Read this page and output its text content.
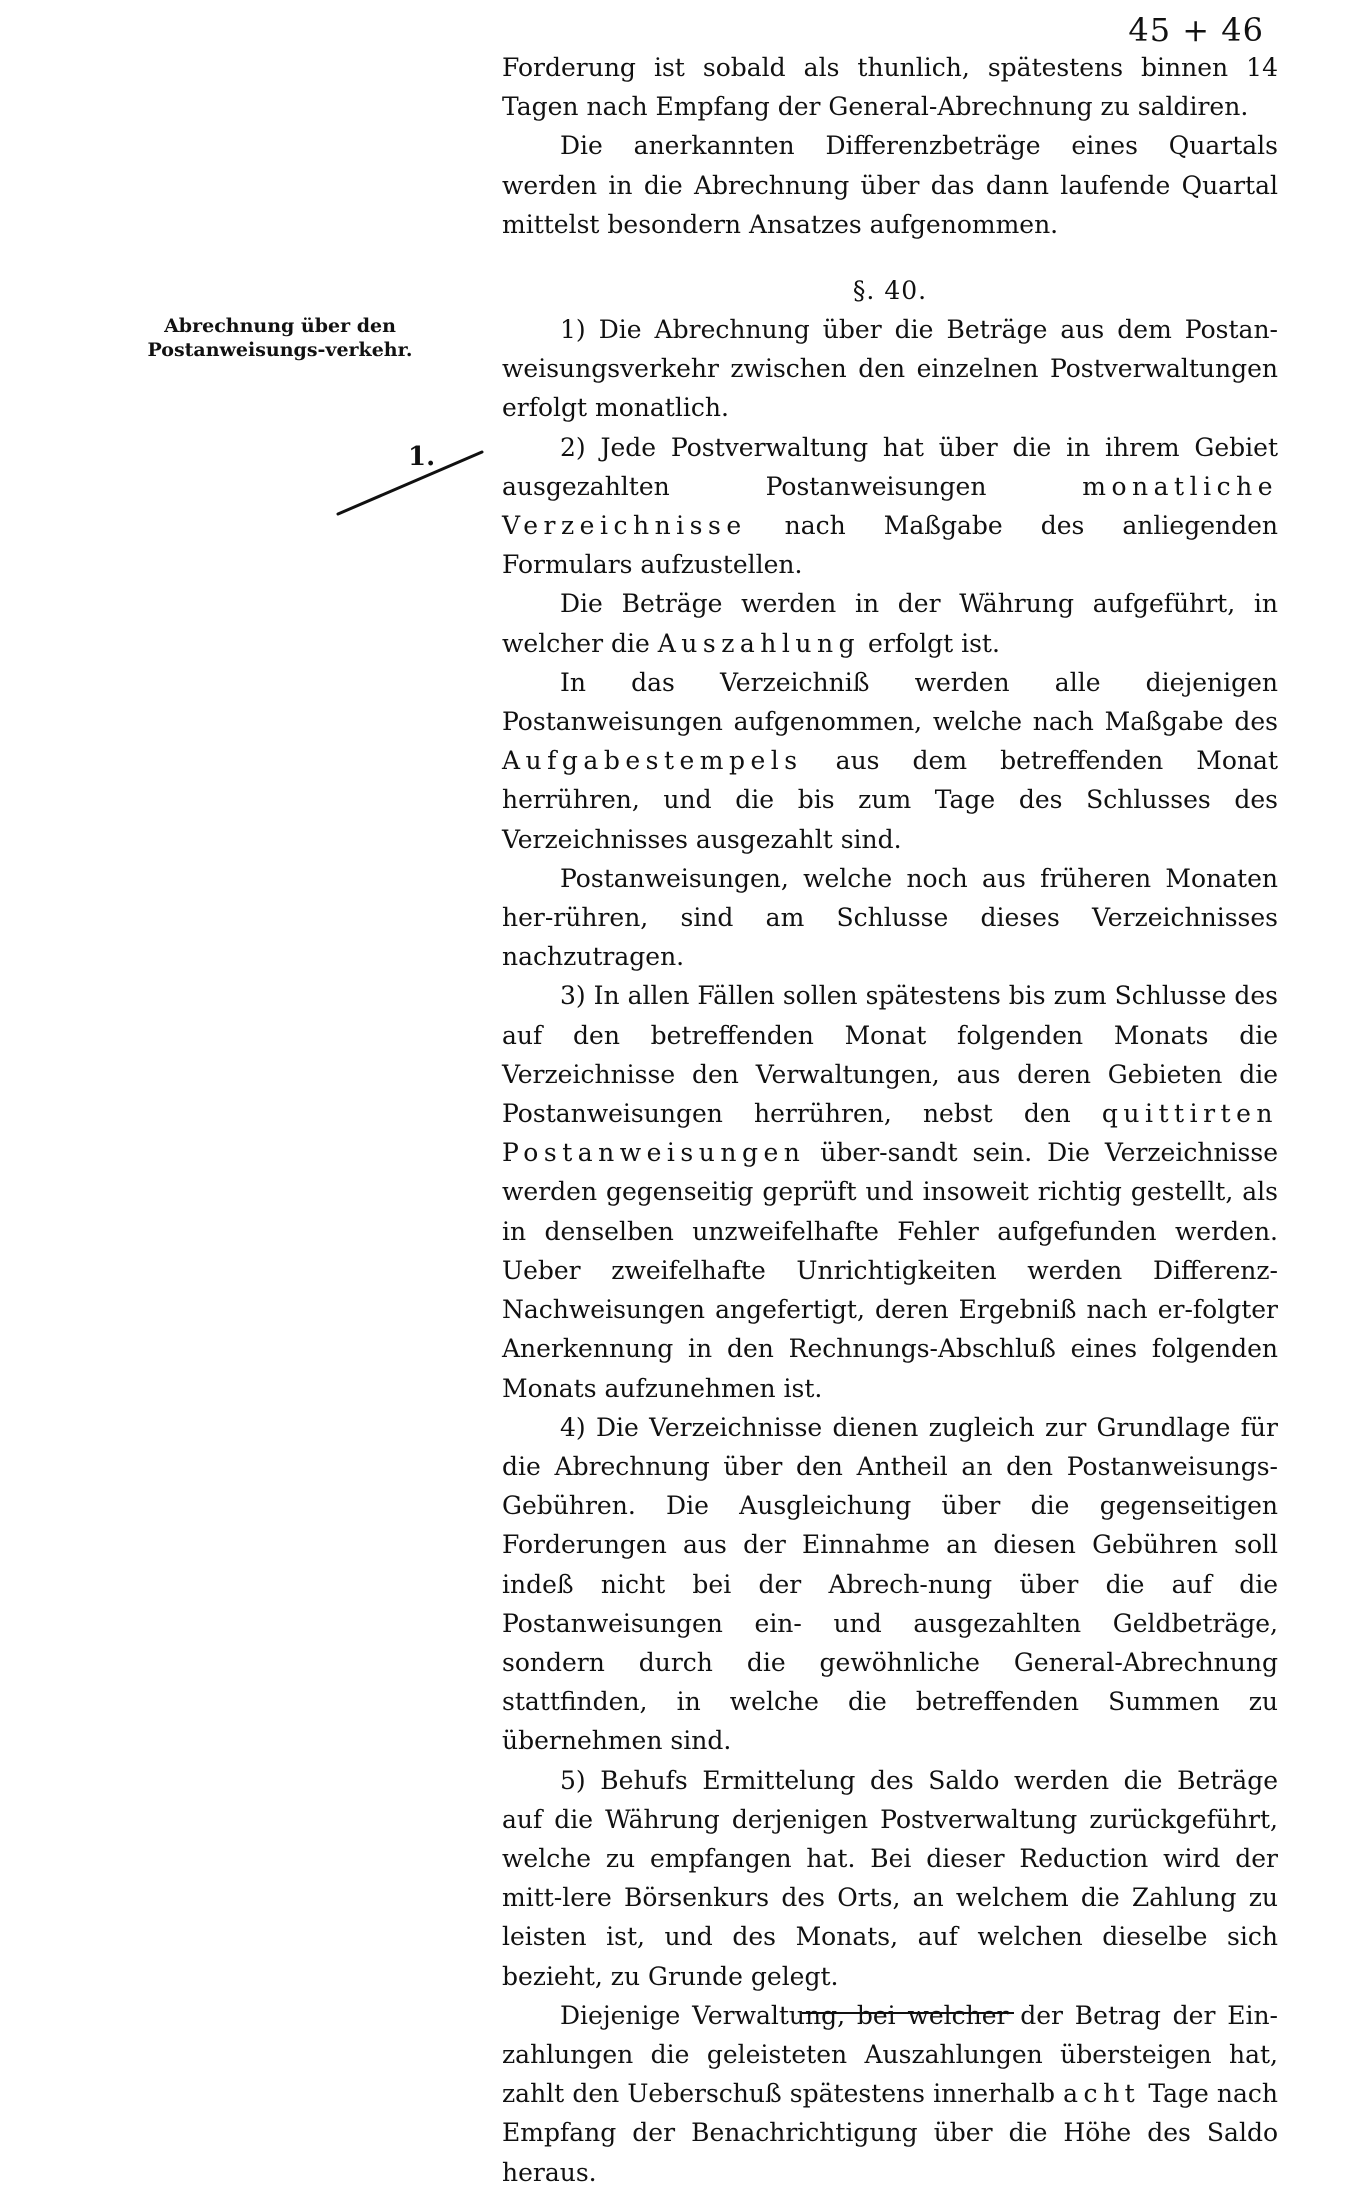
45 + 46
Abrechnung über den Postanweisungs-verkehr.
1.

Forderung ist sobald als thunlich, spätestens binnen 14 Tagen nach Empfang der General-Abrechnung zu saldiren.

Die anerkannten Differenzbeträge eines Quartals werden in die Abrechnung über das dann laufende Quartal mittelst besondern Ansatzes aufgenommen.

§. 40.

1) Die Abrechnung über die Beträge aus dem Postan-weisungsverkehr zwischen den einzelnen Postverwaltungen erfolgt monatlich.

2) Jede Postverwaltung hat über die in ihrem Gebiet ausgezahlten Postanweisungen monatliche Verzeichnisse nach Maßgabe des anliegenden Formulars aufzustellen.

Die Beträge werden in der Währung aufgeführt, in welcher die Auszahlung erfolgt ist.

In das Verzeichniß werden alle diejenigen Postanweisungen aufgenommen, welche nach Maßgabe des Aufgabestempels aus dem betreffenden Monat herrühren, und die bis zum Tage des Schlusses des Verzeichnisses ausgezahlt sind.

Postanweisungen, welche noch aus früheren Monaten her-rühren, sind am Schlusse dieses Verzeichnisses nachzutragen.

3) In allen Fällen sollen spätestens bis zum Schlusse des auf den betreffenden Monat folgenden Monats die Verzeichnisse den Verwaltungen, aus deren Gebieten die Postanweisungen herrühren, nebst den quittirten Postanweisungen über-sandt sein. Die Verzeichnisse werden gegenseitig geprüft und insoweit richtig gestellt, als in denselben unzweifelhafte Fehler aufgefunden werden. Ueber zweifelhafte Unrichtigkeiten werden Differenz-Nachweisungen angefertigt, deren Ergebniß nach er-folgter Anerkennung in den Rechnungs-Abschluß eines folgenden Monats aufzunehmen ist.

4) Die Verzeichnisse dienen zugleich zur Grundlage für die Abrechnung über den Antheil an den Postanweisungs-Gebühren. Die Ausgleichung über die gegenseitigen Forderungen aus der Einnahme an diesen Gebühren soll indeß nicht bei der Abrech-nung über die auf die Postanweisungen ein- und ausgezahlten Geldbeträge, sondern durch die gewöhnliche General-Abrechnung stattfinden, in welche die betreffenden Summen zu übernehmen sind.

5) Behufs Ermittelung des Saldo werden die Beträge auf die Währung derjenigen Postverwaltung zurückgeführt, welche zu empfangen hat. Bei dieser Reduction wird der mitt-lere Börsenkurs des Orts, an welchem die Zahlung zu leisten ist, und des Monats, auf welchen dieselbe sich bezieht, zu Grunde gelegt.

Diejenige Verwaltung, bei welcher der Betrag der Ein-zahlungen die geleisteten Auszahlungen übersteigen hat, zahlt den Ueberschuß spätestens innerhalb acht Tage nach Empfang der Benachrichtigung über die Höhe des Saldo heraus.
